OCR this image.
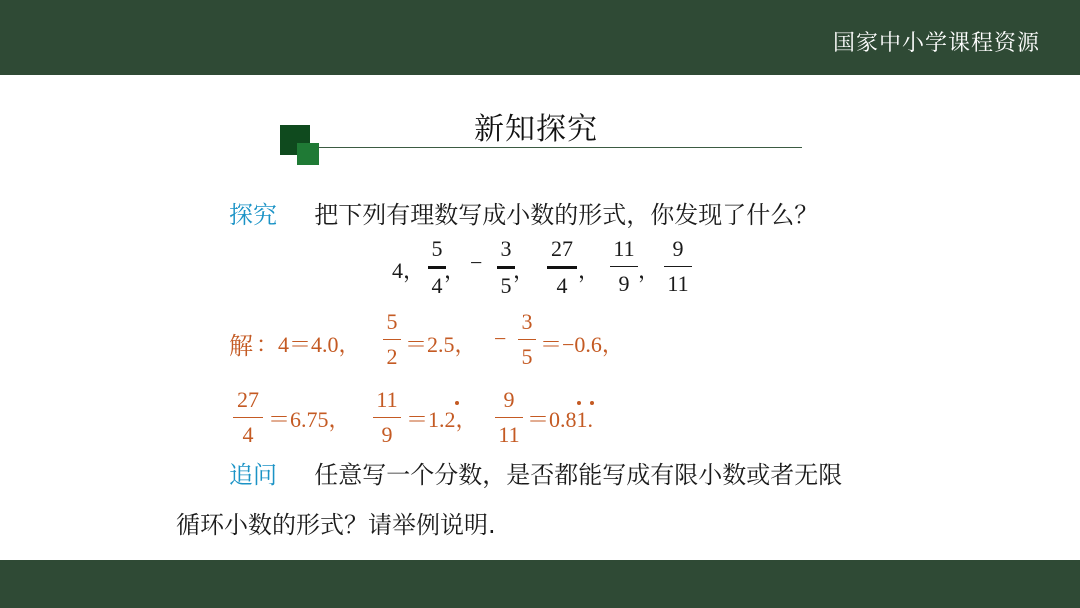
国家中小学课程资源
新知探究
探究 把下列有理数写成小数的形式，你发现了什么？
4，
5
4
， −
3
5
，
27
4
，
11
9
，
9
11
解 ：4＝4.0，
5
2 ＝2.5， −
3
5 ＝−0.6，
27
4
＝6.75，
11
9
＝1.2，
9
11
＝0.81.
追问 任意写一个分数，是否都能写成有限小数或者无限
循环小数的形式？请举例说明.
